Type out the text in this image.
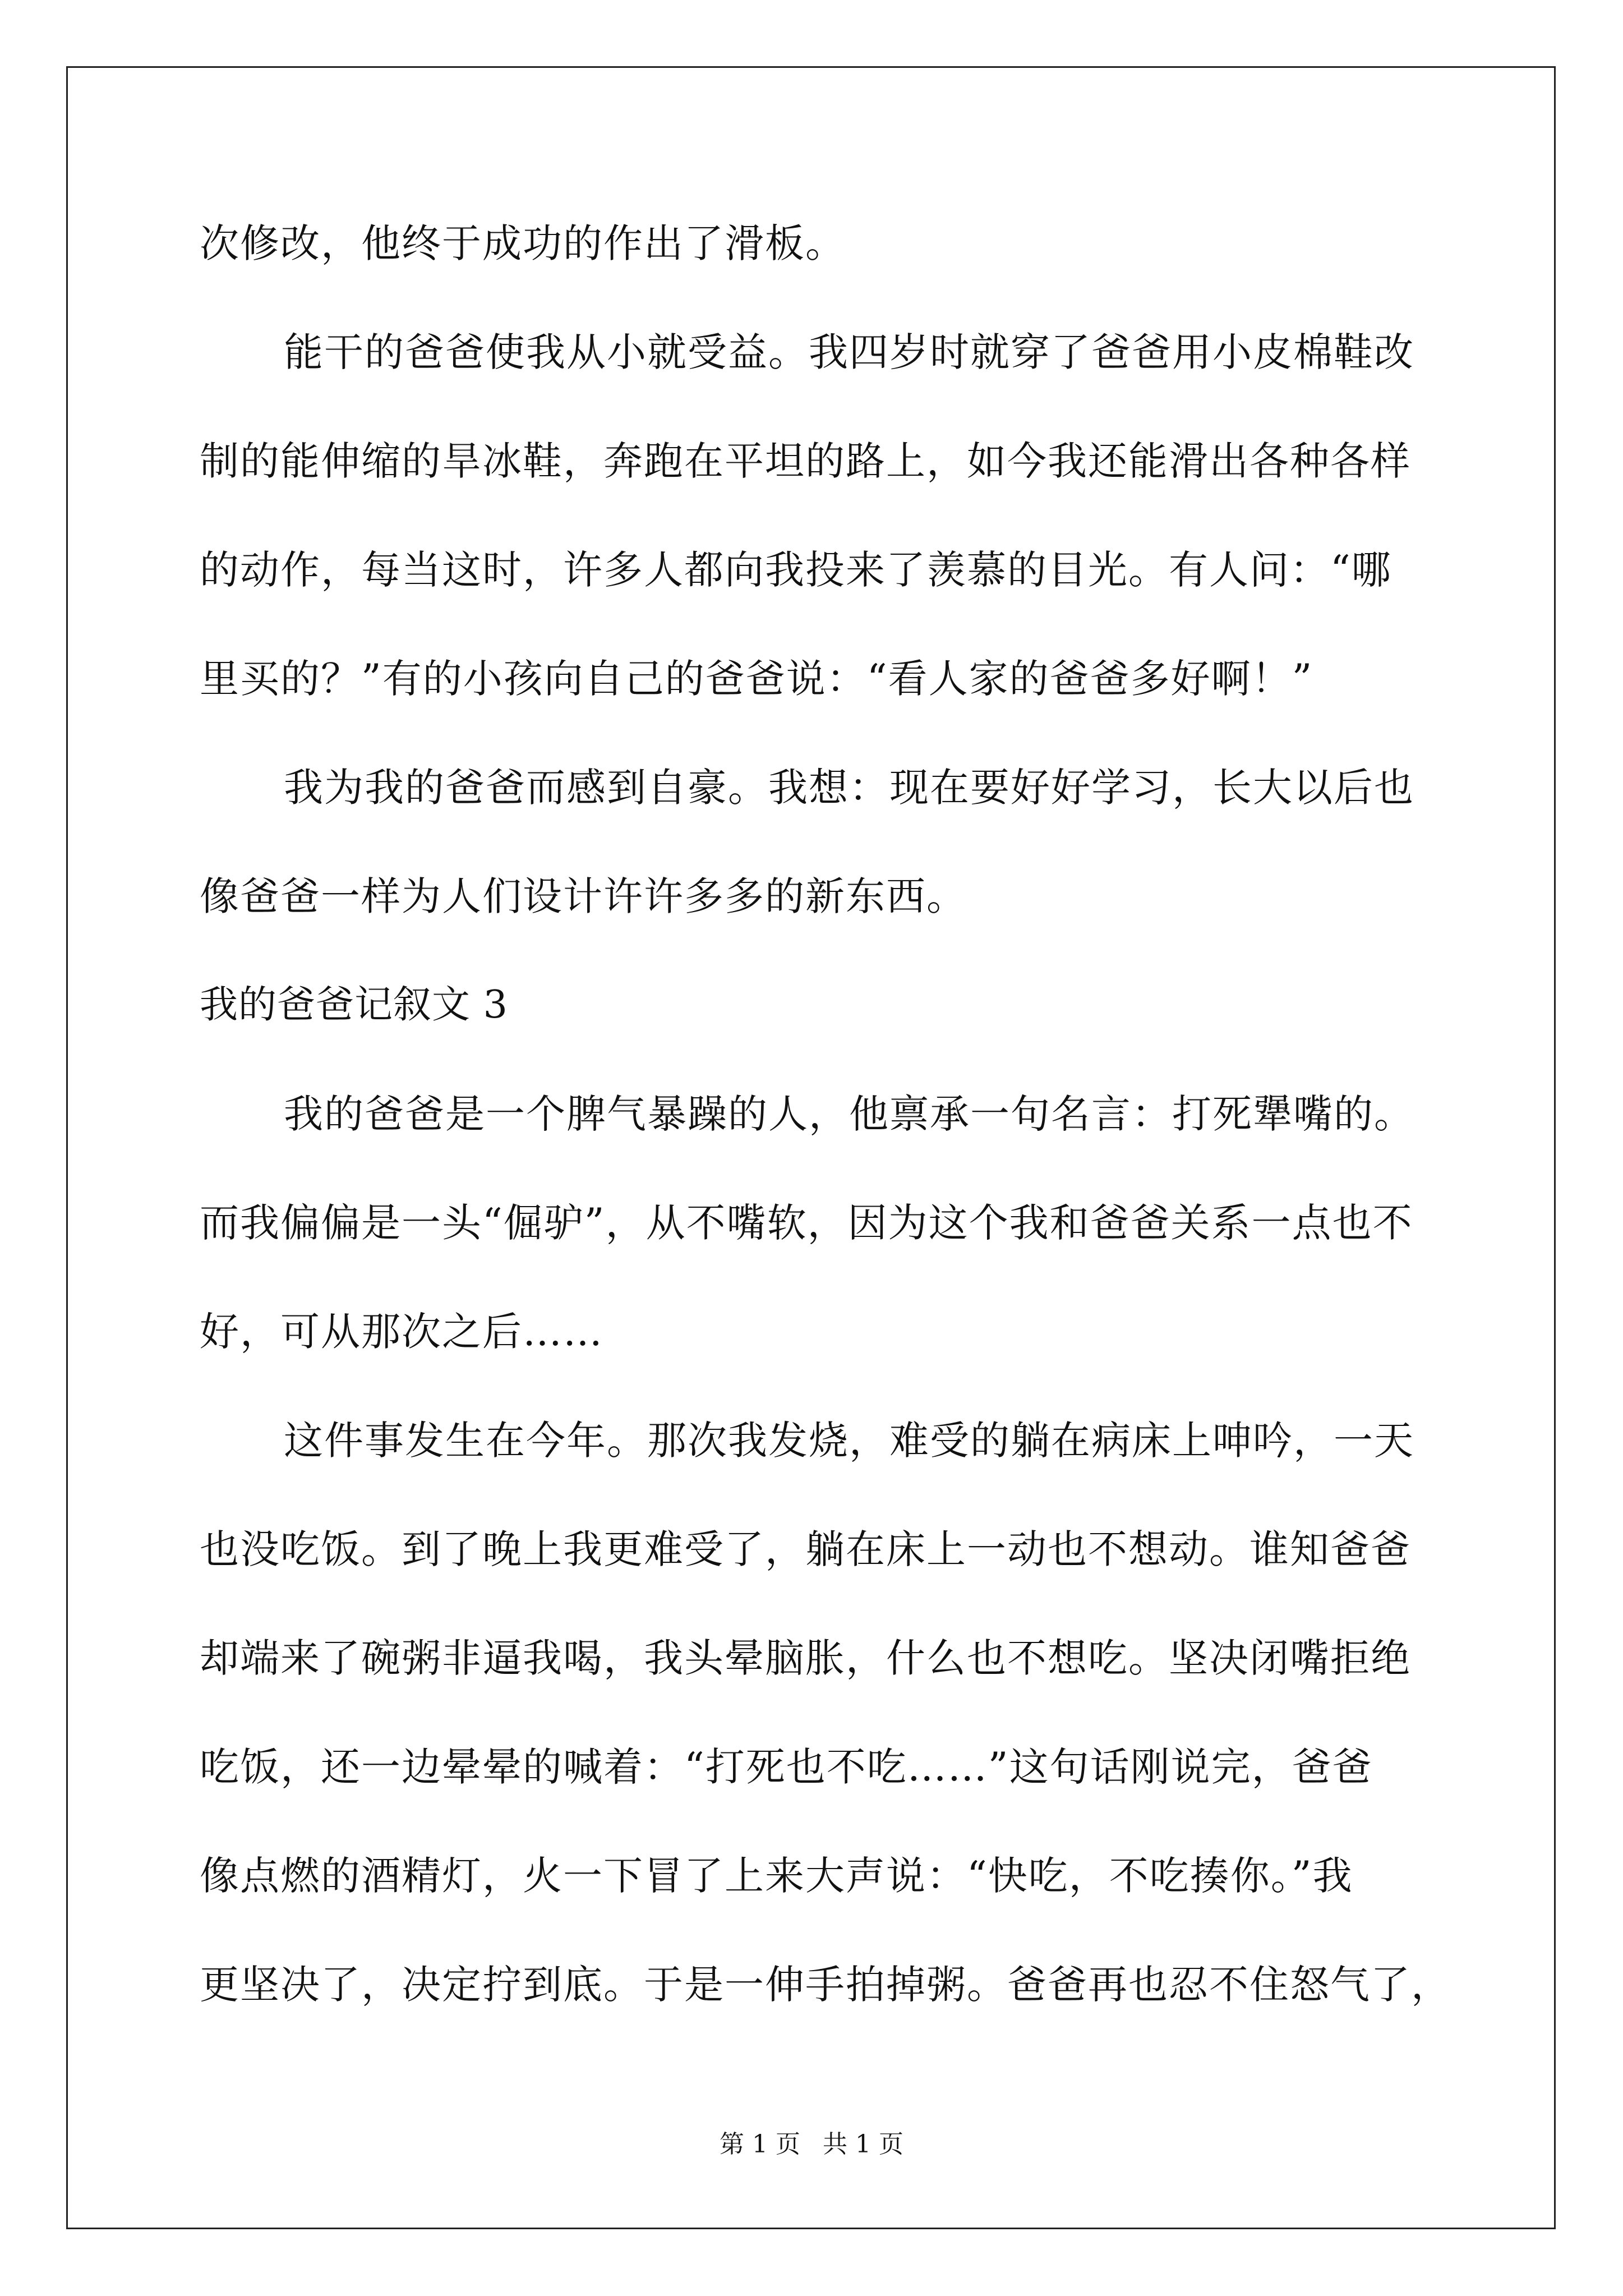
次修改，他终于成功的作出了滑板。
能干的爸爸使我从小就受益。我四岁时就穿了爸爸用小皮棉鞋改
制的能伸缩的旱冰鞋，奔跑在平坦的路上，如今我还能滑出各种各样
的动作，每当这时，许多人都向我投来了羡慕的目光。有人问：“哪
里买的？”有的小孩向自己的爸爸说：“看人家的爸爸多好啊！”
我为我的爸爸而感到自豪。我想：现在要好好学习，长大以后也
像爸爸一样为人们设计许许多多的新东西。
我的爸爸记叙文 3
我的爸爸是一个脾气暴躁的人，他禀承一句名言：打死犟嘴的。
而我偏偏是一头“倔驴”，从不嘴软，因为这个我和爸爸关系一点也不
好，可从那次之后……
这件事发生在今年。那次我发烧，难受的躺在病床上呻吟，一天
也没吃饭。到了晚上我更难受了，躺在床上一动也不想动。谁知爸爸
却端来了碗粥非逼我喝，我头晕脑胀，什么也不想吃。坚决闭嘴拒绝
吃饭，还一边晕晕的喊着：“打死也不吃……”这句话刚说完，爸爸
像点燃的酒精灯，火一下冒了上来大声说：“快吃，不吃揍你。”我
更坚决了，决定拧到底。于是一伸手拍掉粥。爸爸再也忍不住怒气了，
第 1 页 共 1 页
